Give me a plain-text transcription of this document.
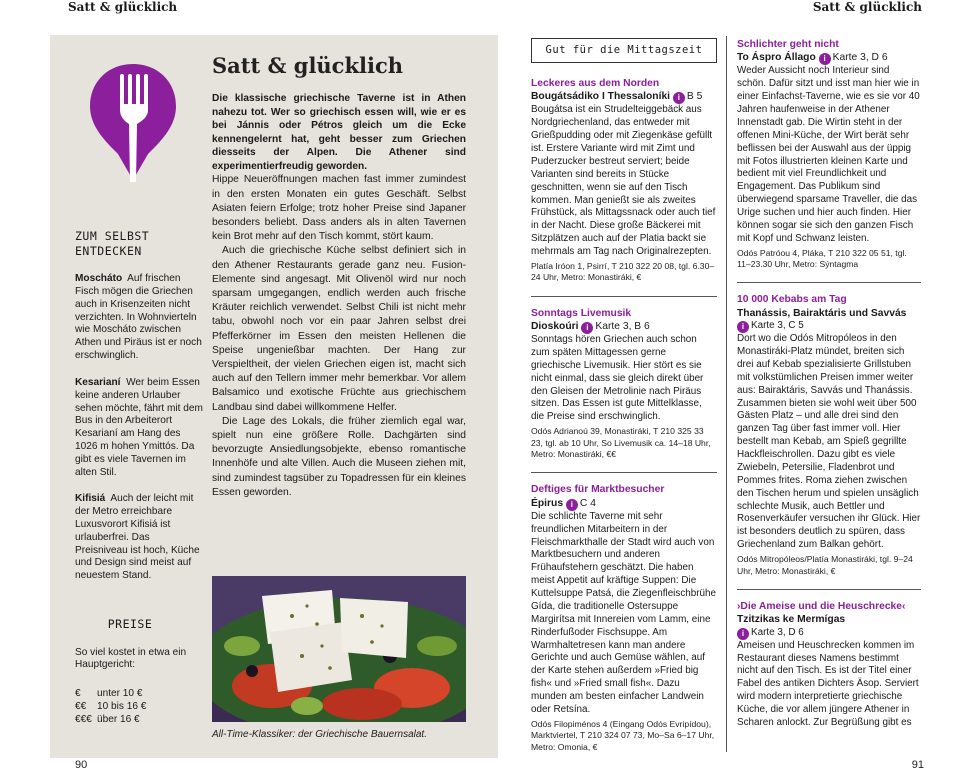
Satt & glücklich	Satt & glücklich
ZUM SELBST ENTDECKEN
Moscháto Auf frischen Fisch mögen die Griechen auch in Krisenzeiten nicht verzichten. In Wohnvierteln wie Moscháto zwischen Athen und Piräus ist er noch erschwinglich.
Kesarianí Wer beim Essen keine anderen Urlauber sehen möchte, fährt mit dem Bus in den Arbeiterort Kesarianí am Hang des 1026 m hohen Ymittós. Da gibt es viele Tavernen im alten Stil.
Kifisiá Auch der leicht mit der Metro erreichbare Luxusvorort Kifisiá ist urlauberfrei. Das Preisniveau ist hoch, Küche und Design sind meist auf neuestem Stand.
PREISE
So viel kostet in etwa ein Hauptgericht:
€	unter 10 €
€€	10 bis 16 €
€€€ über 16 €
Satt & glücklich
Die klassische griechische Taverne ist in Athen nahezu tot. Wer so griechisch essen will, wie er es bei Jánnis oder Pétros gleich um die Ecke kennengelernt hat, geht besser zum Griechen diesseits der Alpen. Die Athener sind experimentierfreudig geworden.

Hippe Neueröffnungen machen fast immer zumindest in den ersten Monaten ein gutes Geschäft. Selbst Asiaten feiern Erfolge; trotz hoher Preise sind Japaner besonders beliebt. Dass anders als in alten Tavernen kein Brot mehr auf den Tisch kommt, stört kaum.

Auch die griechische Küche selbst definiert sich in den Athener Restaurants gerade ganz neu. Fusion-Elemente sind angesagt. Mit Olivenöl wird nur noch sparsam umgegangen, endlich werden auch frische Kräuter reichlich verwendet. Selbst Chili ist nicht mehr tabu, obwohl noch vor ein paar Jahren selbst drei Pfefferkörner im Essen den meisten Hellenen die Speise ungenießbar machten. Der Hang zur Verspieltheit, der vielen Griechen eigen ist, macht sich auch auf den Tellern immer mehr bemerkbar. Vor allem Balsamico und exotische Früchte aus griechischem Landbau sind dabei willkommene Helfer.

Die Lage des Lokals, die früher ziemlich egal war, spielt nun eine größere Rolle. Dachgärten sind bevorzugte Ansiedlungsobjekte, ebenso romantische Innenhöfe und alte Villen. Auch die Museen ziehen mit, sind zumindest tagsüber zu Topadressen für ein kleines Essen geworden.

All-Time-Klassiker: der Griechische Bauernsalat.
90
Gut für die Mittagszeit
Leckeres aus dem Norden
Bougátsádiko I Thessaloníki i B 5
Bougátsa ist ein Strudelteiggebäck aus Nordgriechenland, das entweder mit Grießpudding oder mit Ziegenkäse gefüllt ist. Erstere Variante wird mit Zimt und Puderzucker bestreut serviert; beide Varianten sind bereits in Stücke geschnitten, wenn sie auf den Tisch kommen. Man genießt sie als zweites Frühstück, als Mittagssnack oder auch tief in der Nacht. Diese große Bäckerei mit Sitzplätzen auch auf der Platia backt sie mehrmals am Tag nach Originalrezepten.
Platía Iróon 1, Psirrí, T 210 322 20 08, tgl. 6.30–24 Uhr, Metro: Monastiráki, €
Sonntags Livemusik
Dioskoúri i Karte 3, B 6
Sonntags hören Griechen auch schon zum späten Mittagessen gerne griechische Livemusik. Hier stört es sie nicht einmal, dass sie gleich direkt über den Gleisen der Metrolinie nach Piräus sitzen. Das Essen ist gute Mittelklasse, die Preise sind erschwinglich.
Odós Adrianoú 39, Monastiráki, T 210 325 33 23, tgl. ab 10 Uhr, So Livemusik ca. 14–18 Uhr, Metro: Monastiráki, €€
Deftiges für Marktbesucher
Épirus i C 4
Die schlichte Taverne mit sehr freundlichen Mitarbeitern in der Fleischmarkthalle der Stadt wird auch von Marktbesuchern und anderen Frühaufstehern geschätzt. Die haben meist Appetit auf kräftige Suppen: Die Kuttelsuppe Patsá, die Ziegenfleischbrühe Gída, die traditionelle Ostersuppe Margirítsa mit Innereien vom Lamm, eine Rinderfußoder Fischsuppe. Am Warmhaltetresen kann man andere Gerichte und auch Gemüse wählen, auf der Karte stehen außerdem »Fried big fish« und »Fried small fish«. Dazu munden am besten einfacher Landwein oder Retsína.
Odós Filopiménos 4 (Eingang Odós Evripídou), Marktviertel, T 210 324 07 73, Mo–Sa 6–17 Uhr, Metro: Omonia, €
Schlichter geht nicht
To Áspro Állago i Karte 3, D 6
Weder Aussicht noch Interieur sind schön. Dafür sitzt und isst man hier wie in einer Einfachst-Taverne, wie es sie vor 40 Jahren haufenweise in der Athener Innenstadt gab. Die Wirtin steht in der offenen Mini-Küche, der Wirt berät sehr beflissen bei der Auswahl aus der üppig mit Fotos illustrierten kleinen Karte und bedient mit viel Freundlichkeit und Engagement. Das Publikum sind überwiegend sparsame Traveller, die das Urige suchen und hier auch finden. Hier können sogar sie sich den ganzen Fisch mit Kopf und Schwanz leisten.
Odós Patróou 4, Pláka, T 210 322 05 51, tgl. 11–23.30 Uhr, Metro: Sýntagma
10 000 Kebabs am Tag
Thanássis, Bairaktáris und Savvás
i Karte 3, C 5
Dort wo die Odós Mitropóleos in den Monastiráki-Platz mündet, breiten sich drei auf Kebab spezialisierte Grillstuben mit volkstümlichen Preisen immer weiter aus: Bairaktáris, Savvás und Thanássis. Zusammen bieten sie wohl weit über 500 Gästen Platz – und alle drei sind den ganzen Tag über fast immer voll. Hier bestellt man Kebab, am Spieß gegrillte Hackfleischrollen. Dazu gibt es viele Zwiebeln, Petersilie, Fladenbrot und Pommes frites. Roma ziehen zwischen den Tischen herum und spielen unsäglich schlechte Musik, auch Bettler und Rosenverkäufer versuchen ihr Glück. Hier ist besonders deutlich zu spüren, dass Griechenland zum Balkan gehört.
Odós Mitropóleos/Platía Monastiráki, tgl. 9–24 Uhr, Metro: Monastiráki, €
›Die Ameise und die Heuschrecke‹
Tzitzikas ke Mermígas
i Karte 3, D 6
Ameisen und Heuschrecken kommen im Restaurant dieses Namens bestimmt nicht auf den Tisch. Es ist der Titel einer Fabel des antiken Dichters Äsop. Serviert wird modern interpretierte griechische Küche, die vor allem jüngere Athener in Scharen anlockt. Zur Begrüßung gibt es
91
